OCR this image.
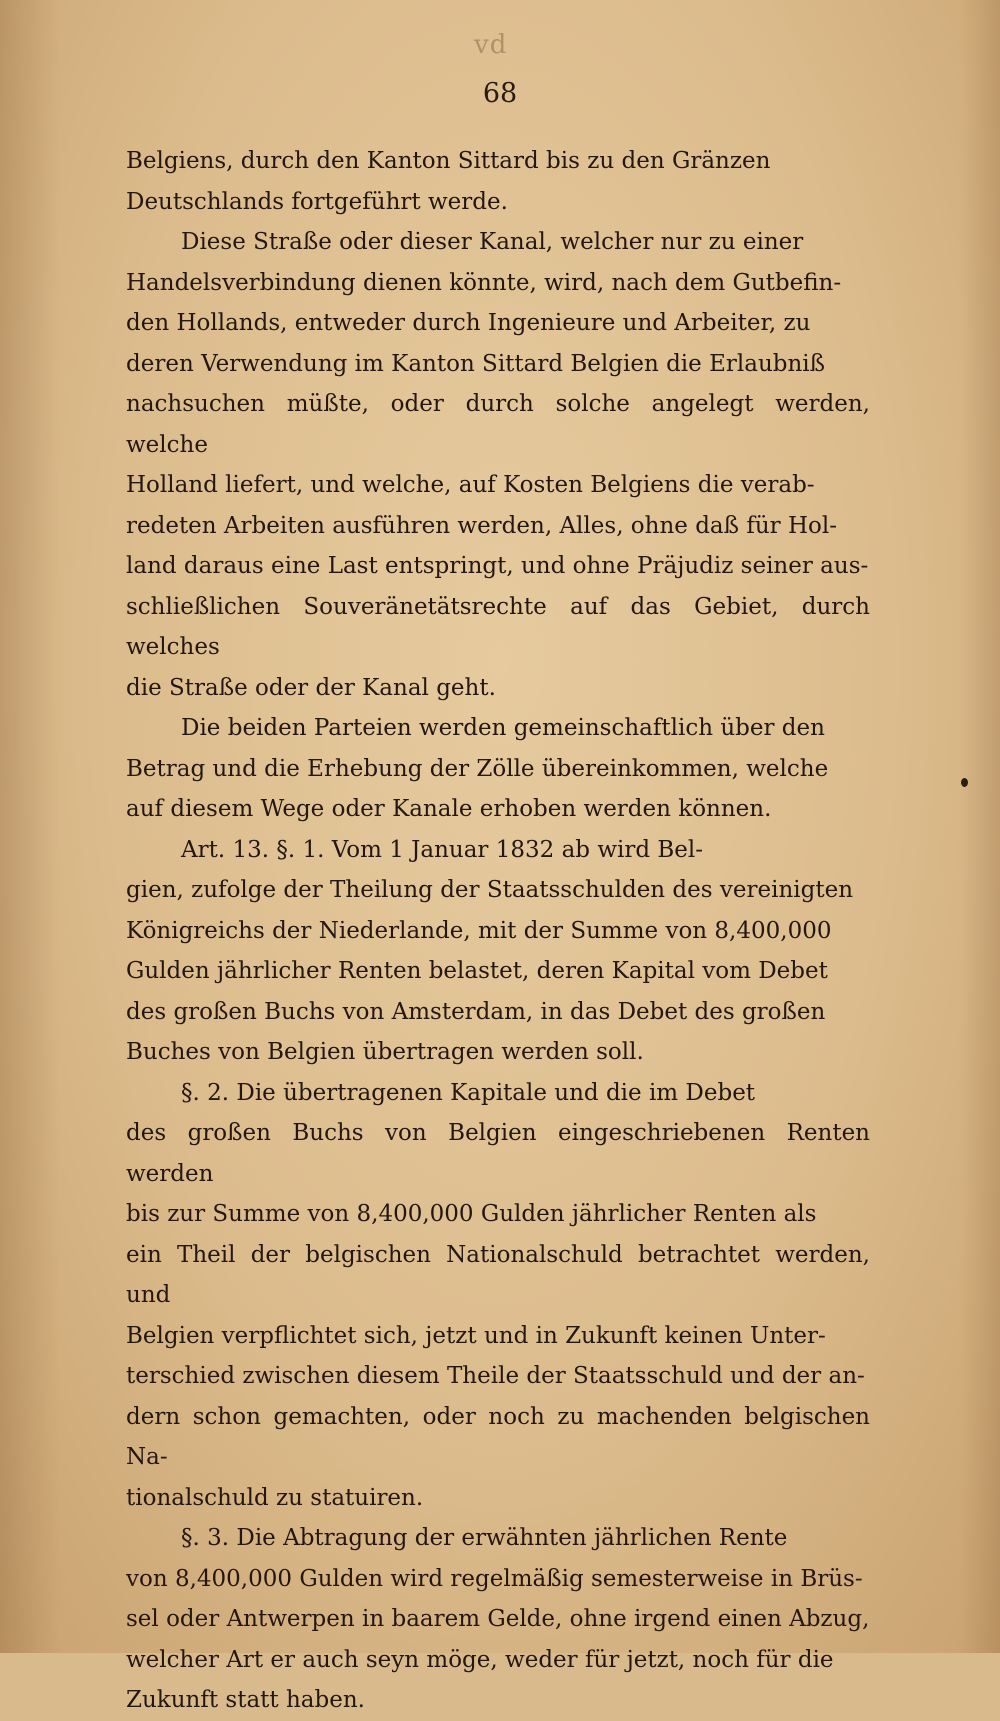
vd
68

Belgiens, durch den Kanton Sittard bis zu den Gränzen
Deutschlands fortgeführt werde.

Diese Straße oder dieser Kanal, welcher nur zu einer
Handelsverbindung dienen könnte, wird, nach dem Gutbefin-
den Hollands, entweder durch Ingenieure und Arbeiter, zu
deren Verwendung im Kanton Sittard Belgien die Erlaubniß
nachsuchen müßte, oder durch solche angelegt werden, welche
Holland liefert, und welche, auf Kosten Belgiens die verab-
redeten Arbeiten ausführen werden, Alles, ohne daß für Hol-
land daraus eine Last entspringt, und ohne Präjudiz seiner aus-
schließlichen Souveränetätsrechte auf das Gebiet, durch welches
die Straße oder der Kanal geht.

Die beiden Parteien werden gemeinschaftlich über den
Betrag und die Erhebung der Zölle übereinkommen, welche
auf diesem Wege oder Kanale erhoben werden können.

Art. 13. §. 1. Vom 1 Januar 1832 ab wird Bel-
gien, zufolge der Theilung der Staatsschulden des vereinigten
Königreichs der Niederlande, mit der Summe von 8,400,000
Gulden jährlicher Renten belastet, deren Kapital vom Debet
des großen Buchs von Amsterdam, in das Debet des großen
Buches von Belgien übertragen werden soll.

§. 2. Die übertragenen Kapitale und die im Debet
des großen Buchs von Belgien eingeschriebenen Renten werden
bis zur Summe von 8,400,000 Gulden jährlicher Renten als
ein Theil der belgischen Nationalschuld betrachtet werden, und
Belgien verpflichtet sich, jetzt und in Zukunft keinen Unter-
terschied zwischen diesem Theile der Staatsschuld und der an-
dern schon gemachten, oder noch zu machenden belgischen Na-
tionalschuld zu statuiren.

§. 3. Die Abtragung der erwähnten jährlichen Rente
von 8,400,000 Gulden wird regelmäßig semesterweise in Brüs-
sel oder Antwerpen in baarem Gelde, ohne irgend einen Abzug,
welcher Art er auch seyn möge, weder für jetzt, noch für die
Zukunft statt haben.
